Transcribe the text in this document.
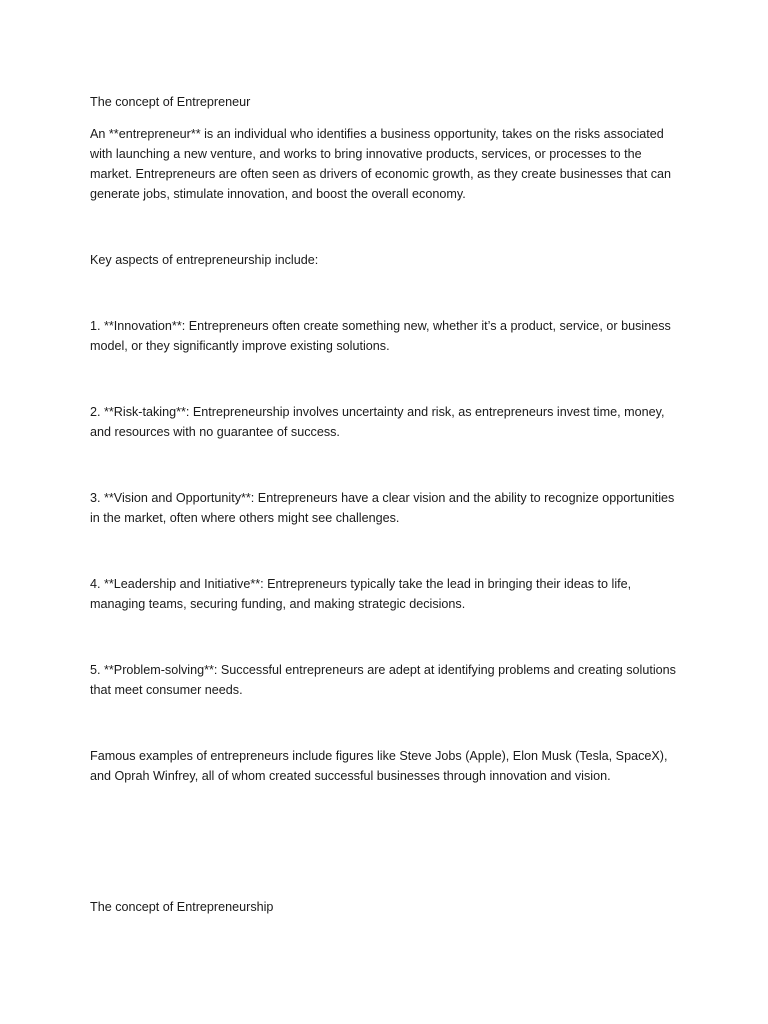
The concept of Entrepreneur

An **entrepreneur** is an individual who identifies a business opportunity, takes on the risks associated with launching a new venture, and works to bring innovative products, services, or processes to the market. Entrepreneurs are often seen as drivers of economic growth, as they create businesses that can generate jobs, stimulate innovation, and boost the overall economy.

Key aspects of entrepreneurship include:

1. **Innovation**: Entrepreneurs often create something new, whether it’s a product, service, or business model, or they significantly improve existing solutions.

2. **Risk-taking**: Entrepreneurship involves uncertainty and risk, as entrepreneurs invest time, money, and resources with no guarantee of success.

3. **Vision and Opportunity**: Entrepreneurs have a clear vision and the ability to recognize opportunities in the market, often where others might see challenges.

4. **Leadership and Initiative**: Entrepreneurs typically take the lead in bringing their ideas to life, managing teams, securing funding, and making strategic decisions.

5. **Problem-solving**: Successful entrepreneurs are adept at identifying problems and creating solutions that meet consumer needs.

Famous examples of entrepreneurs include figures like Steve Jobs (Apple), Elon Musk (Tesla, SpaceX), and Oprah Winfrey, all of whom created successful businesses through innovation and vision.

The concept of Entrepreneurship
